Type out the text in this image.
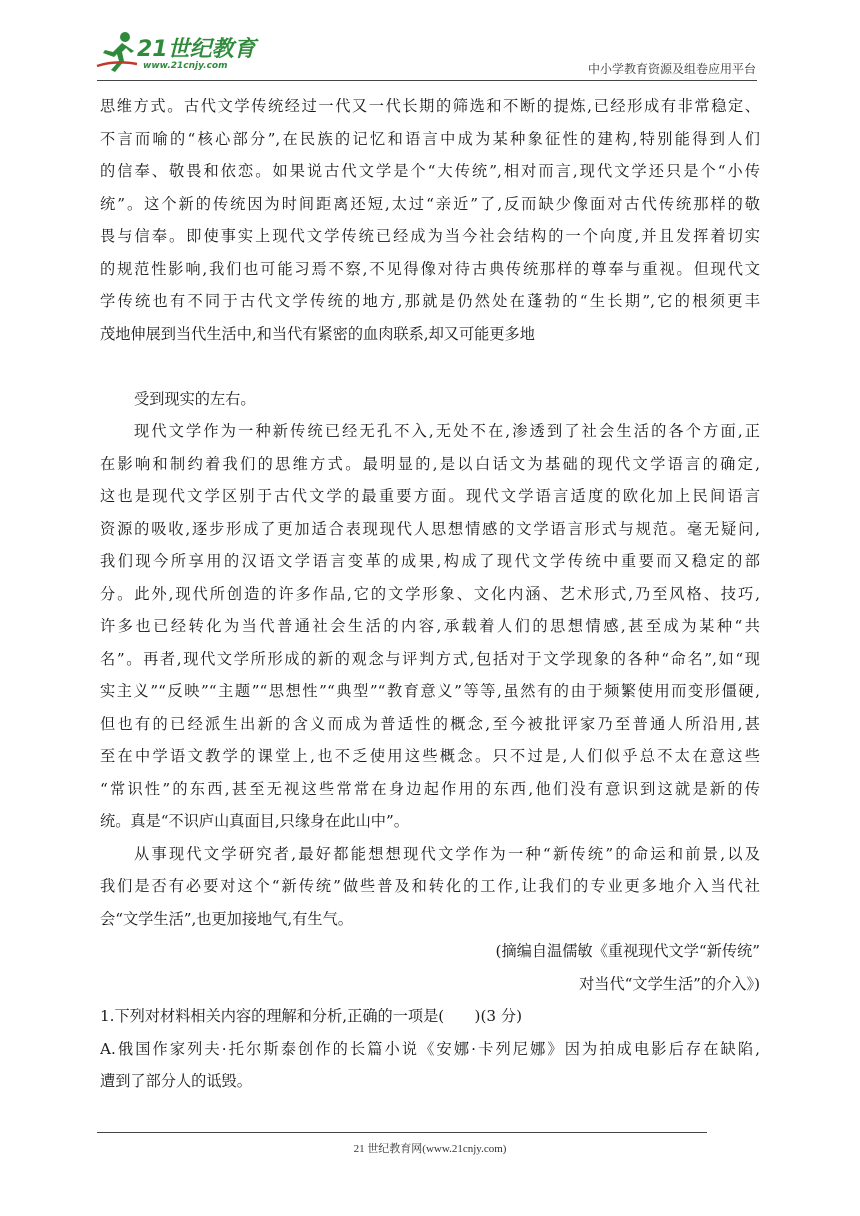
21世纪教育
www.21cnjy.com	中小学教育资源及组卷应用平台
思维方式。古代文学传统经过一代又一代长期的筛选和不断的提炼,已经形成有非常稳定、
不言而喻的“核心部分”,在民族的记忆和语言中成为某种象征性的建构,特别能得到人们
的信奉、敬畏和依恋。如果说古代文学是个“大传统”,相对而言,现代文学还只是个“小传
统”。这个新的传统因为时间距离还短,太过“亲近”了,反而缺少像面对古代传统那样的敬
畏与信奉。即使事实上现代文学传统已经成为当今社会结构的一个向度,并且发挥着切实
的规范性影响,我们也可能习焉不察,不见得像对待古典传统那样的尊奉与重视。但现代文
学传统也有不同于古代文学传统的地方,那就是仍然处在蓬勃的“生长期”,它的根须更丰
茂地伸展到当代生活中,和当代有紧密的血肉联系,却又可能更多地
受到现实的左右。
现代文学作为一种新传统已经无孔不入,无处不在,渗透到了社会生活的各个方面,正
在影响和制约着我们的思维方式。最明显的,是以白话文为基础的现代文学语言的确定,
这也是现代文学区别于古代文学的最重要方面。现代文学语言适度的欧化加上民间语言
资源的吸收,逐步形成了更加适合表现现代人思想情感的文学语言形式与规范。毫无疑问,
我们现今所享用的汉语文学语言变革的成果,构成了现代文学传统中重要而又稳定的部
分。此外,现代所创造的许多作品,它的文学形象、文化内涵、艺术形式,乃至风格、技巧,
许多也已经转化为当代普通社会生活的内容,承载着人们的思想情感,甚至成为某种“共
名”。再者,现代文学所形成的新的观念与评判方式,包括对于文学现象的各种“命名”,如“现
实主义”“反映”“主题”“思想性”“典型”“教育意义”等等,虽然有的由于频繁使用而变形僵硬,
但也有的已经派生出新的含义而成为普适性的概念,至今被批评家乃至普通人所沿用,甚
至在中学语文教学的课堂上,也不乏使用这些概念。只不过是,人们似乎总不太在意这些
“常识性”的东西,甚至无视这些常常在身边起作用的东西,他们没有意识到这就是新的传
统。真是“不识庐山真面目,只缘身在此山中”。
从事现代文学研究者,最好都能想想现代文学作为一种“新传统”的命运和前景,以及
我们是否有必要对这个“新传统”做些普及和转化的工作,让我们的专业更多地介入当代社
会“文学生活”,也更加接地气,有生气。
(摘编自温儒敏《重视现代文学“新传统”
对当代“文学生活”的介入》)
1.下列对材料相关内容的理解和分析,正确的一项是(　　)(3 分)
A.俄国作家列夫·托尔斯泰创作的长篇小说《安娜·卡列尼娜》因为拍成电影后存在缺陷,
遭到了部分人的诋毁。
21 世纪教育网(www.21cnjy.com)
